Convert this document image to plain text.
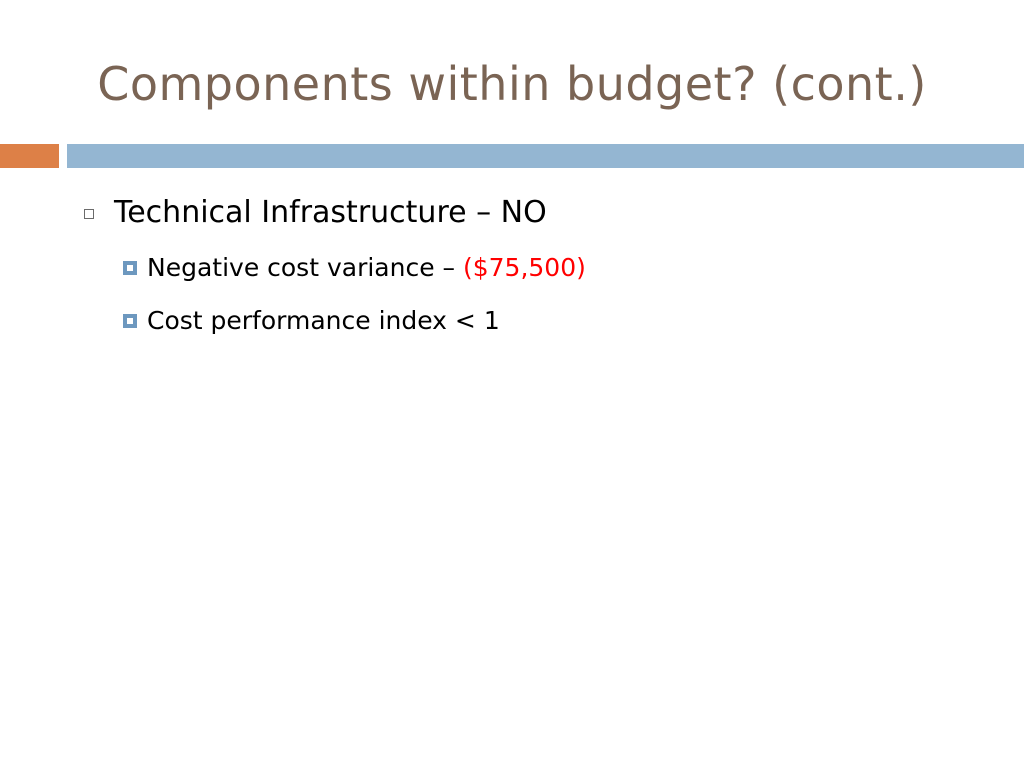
Components within budget? (cont.)
Technical Infrastructure – NO
Negative cost variance – ($75,500)
Cost performance index < 1
